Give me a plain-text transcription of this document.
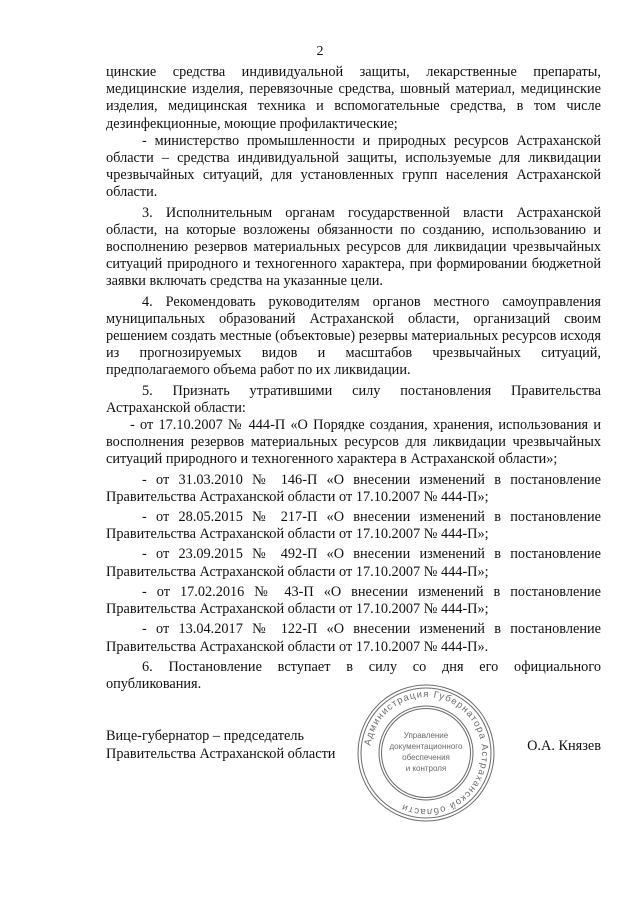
2

цинские средства индивидуальной защиты, лекарственные препараты, медицинские изделия, перевязочные средства, шовный материал, медицинские изделия, медицинская техника и вспомогательные средства, в том числе дезинфекционные, моющие профилактические;

- министерство промышленности и природных ресурсов Астраханской области – средства индивидуальной защиты, используемые для ликвидации чрезвычайных ситуаций, для установленных групп населения Астраханской области.

3. Исполнительным органам государственной власти Астраханской области, на которые возложены обязанности по созданию, использованию и восполнению резервов материальных ресурсов для ликвидации чрезвычайных ситуаций природного и техногенного характера, при формировании бюджетной заявки включать средства на указанные цели.

4. Рекомендовать руководителям органов местного самоуправления муниципальных образований Астраханской области, организаций своим решением создать местные (объектовые) резервы материальных ресурсов исходя из прогнозируемых видов и масштабов чрезвычайных ситуаций, предполагаемого объема работ по их ликвидации.

5. Признать утратившими силу постановления Правительства Астраханской области:

- от 17.10.2007 № 444-П «О Порядке создания, хранения, использования и восполнения резервов материальных ресурсов для ликвидации чрезвычайных ситуаций природного и техногенного характера в Астраханской области»;

- от 31.03.2010 № 146-П «О внесении изменений в постановление Правительства Астраханской области от 17.10.2007 № 444-П»;

- от 28.05.2015 № 217-П «О внесении изменений в постановление Правительства Астраханской области от 17.10.2007 № 444-П»;

- от 23.09.2015 № 492-П «О внесении изменений в постановление Правительства Астраханской области от 17.10.2007 № 444-П»;

- от 17.02.2016 № 43-П «О внесении изменений в постановление Правительства Астраханской области от 17.10.2007 № 444-П»;

- от 13.04.2017 № 122-П «О внесении изменений в постановление Правительства Астраханской области от 17.10.2007 № 444-П».

6. Постановление вступает в силу со дня его официального опубликования.

Вице-губернатор – председатель
Правительства Астраханской области	О.А. Князев
Администрация Губернатора Астраханской области
Управление
документационного
обеспечения
и контроля
